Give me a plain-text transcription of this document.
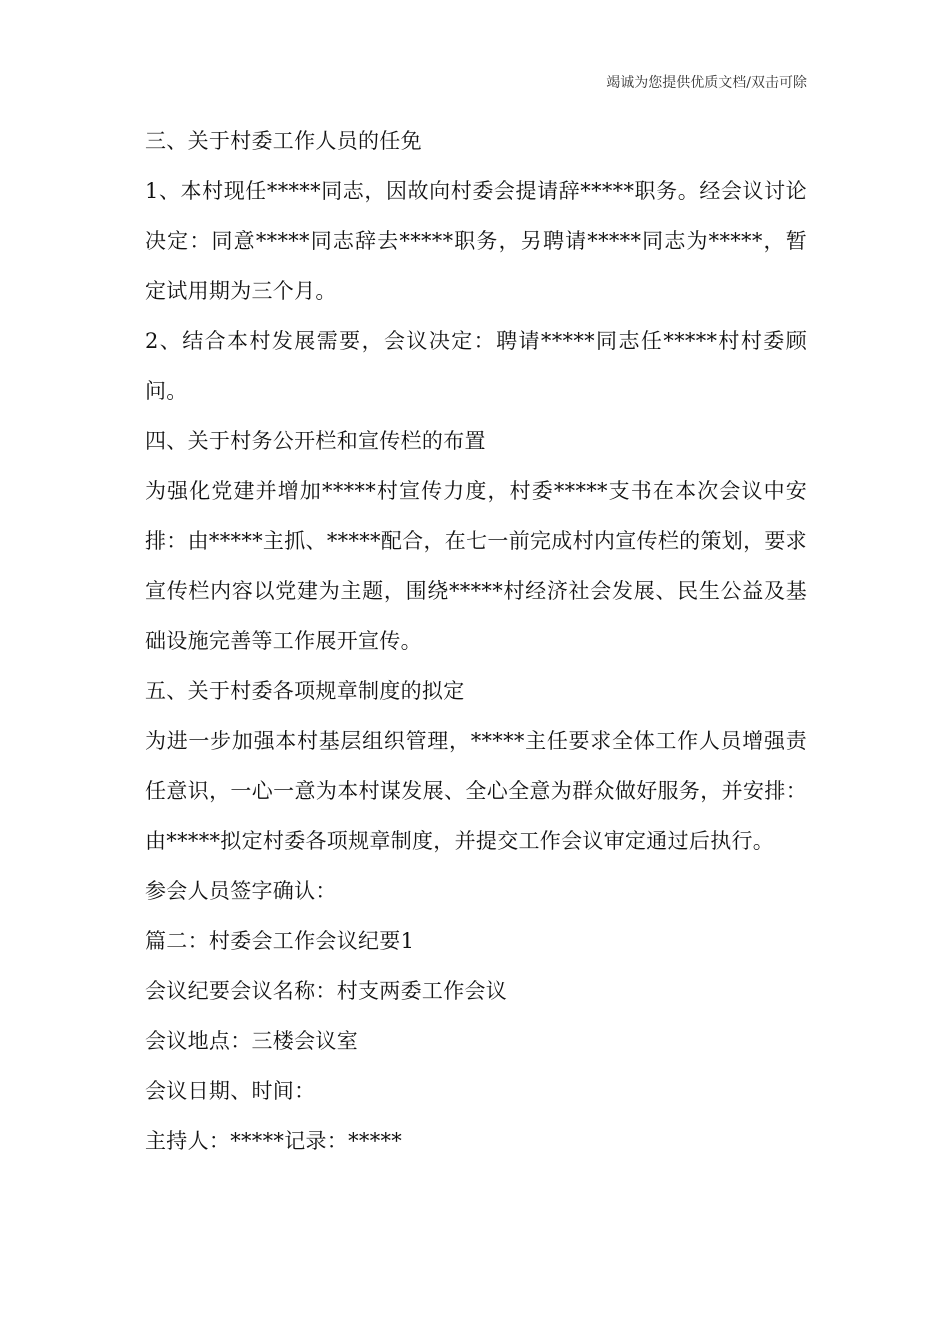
竭诚为您提供优质文档/双击可除

三、关于村委工作人员的任免

1、本村现任*****同志，因故向村委会提请辞*****职务。经会议讨论决定：同意*****同志辞去*****职务，另聘请*****同志为*****，暂定试用期为三个月。

2、结合本村发展需要，会议决定：聘请*****同志任*****村村委顾问。

四、关于村务公开栏和宣传栏的布置

为强化党建并增加*****村宣传力度，村委*****支书在本次会议中安排：由*****主抓、*****配合，在七一前完成村内宣传栏的策划，要求宣传栏内容以党建为主题，围绕*****村经济社会发展、民生公益及基础设施完善等工作展开宣传。

五、关于村委各项规章制度的拟定

为进一步加强本村基层组织管理，*****主任要求全体工作人员增强责任意识，一心一意为本村谋发展、全心全意为群众做好服务，并安排：由*****拟定村委各项规章制度，并提交工作会议审定通过后执行。

参会人员签字确认：

篇二：村委会工作会议纪要1

会议纪要会议名称：村支两委工作会议

会议地点：三楼会议室

会议日期、时间：

主持人：*****记录：*****
